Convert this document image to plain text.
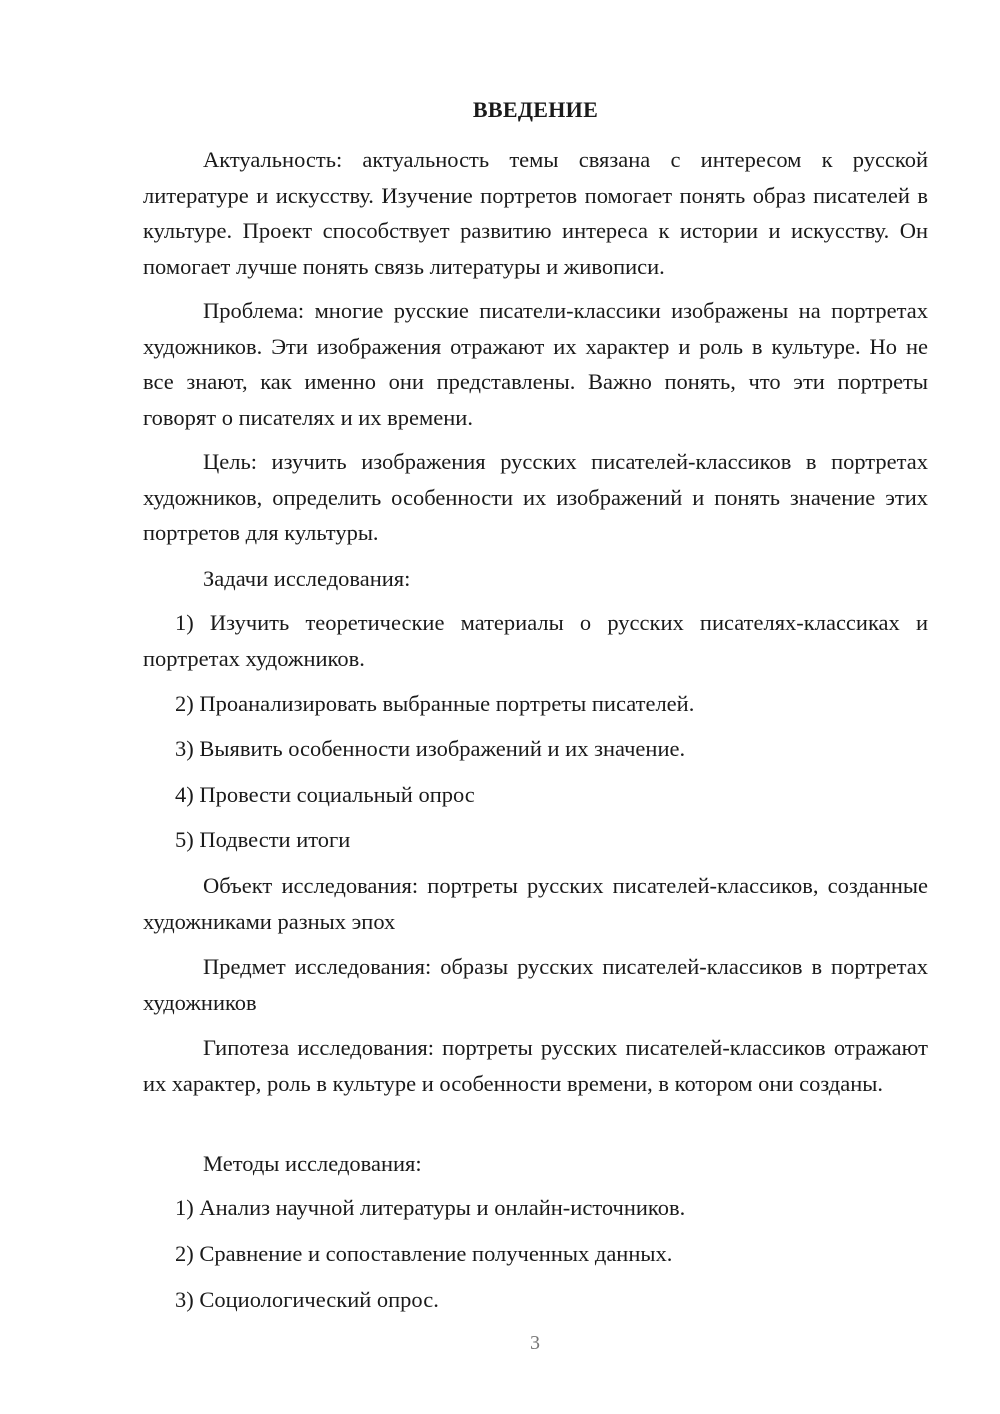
ВВЕДЕНИЕ

Актуальность: актуальность темы связана с интересом к русской литературе и искусству. Изучение портретов помогает понять образ писателей в культуре. Проект способствует развитию интереса к истории и искусству. Он помогает лучше понять связь литературы и живописи.

Проблема: многие русские писатели-классики изображены на портретах художников. Эти изображения отражают их характер и роль в культуре. Но не все знают, как именно они представлены. Важно понять, что эти портреты говорят о писателях и их времени.

Цель: изучить изображения русских писателей-классиков в портретах художников, определить особенности их изображений и понять значение этих портретов для культуры.

Задачи исследования:

1) Изучить теоретические материалы о русских писателях-классиках и портретах художников.

2) Проанализировать выбранные портреты писателей.

3) Выявить особенности изображений и их значение.

4) Провести социальный опрос

5) Подвести итоги

Объект исследования: портреты русских писателей-классиков, созданные художниками разных эпох

Предмет исследования: образы русских писателей-классиков в портретах художников

Гипотеза исследования: портреты русских писателей-классиков отражают их характер, роль в культуре и особенности времени, в котором они созданы.

Методы исследования:

1) Анализ научной литературы и онлайн-источников.

2) Сравнение и сопоставление полученных данных.

3) Социологический опрос.

3
